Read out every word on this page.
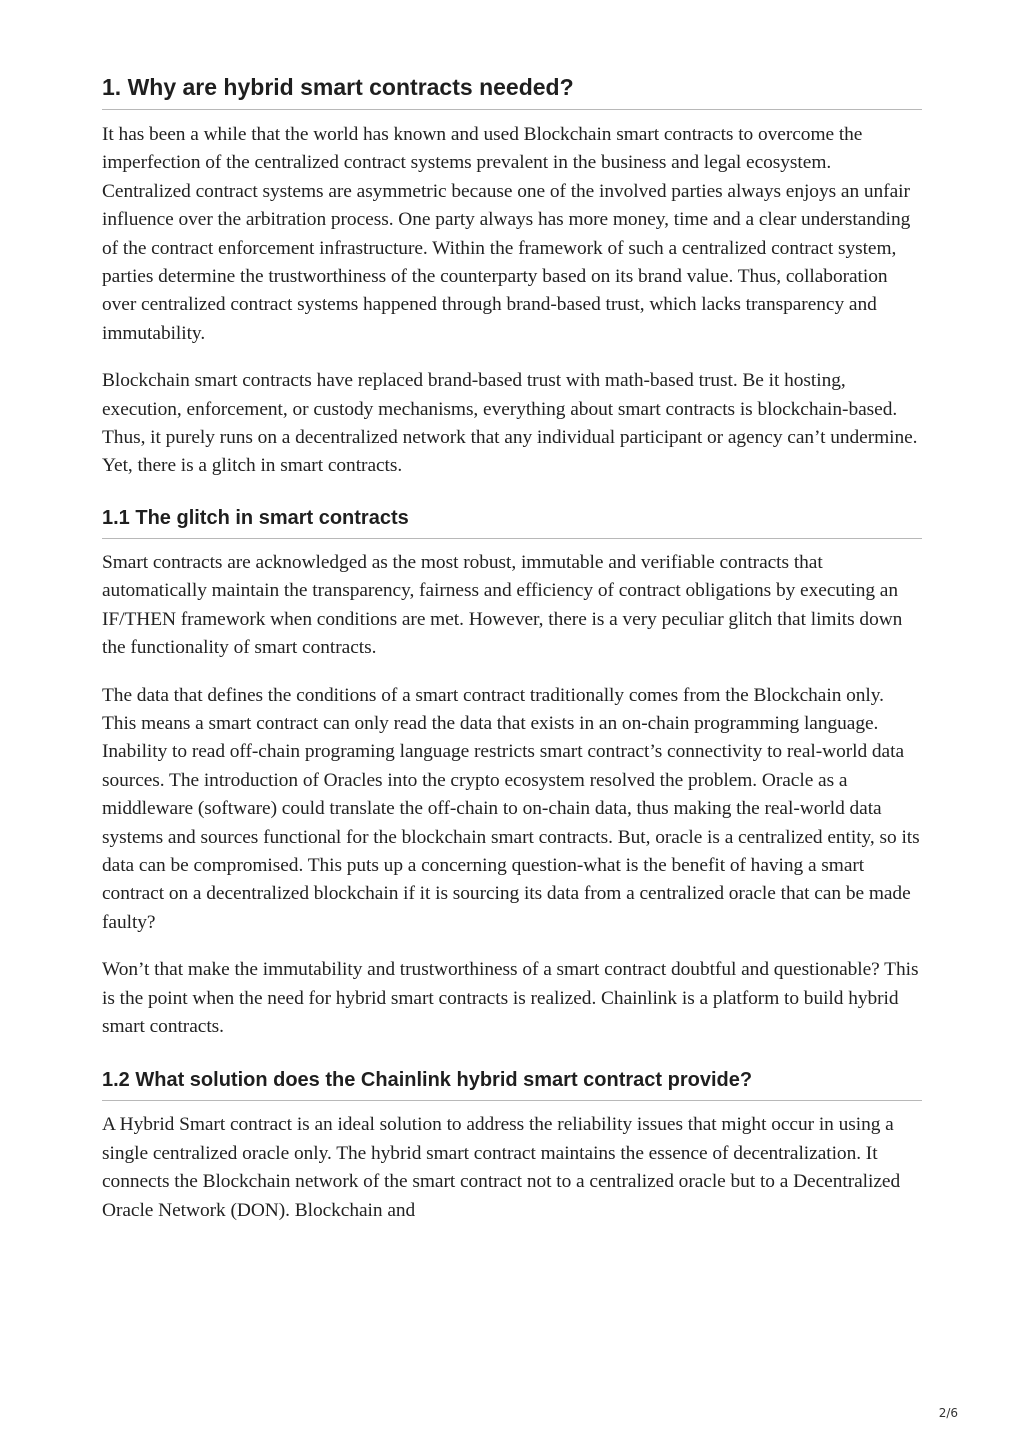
1. Why are hybrid smart contracts needed?

It has been a while that the world has known and used Blockchain smart contracts to overcome the imperfection of the centralized contract systems prevalent in the business and legal ecosystem. Centralized contract systems are asymmetric because one of the involved parties always enjoys an unfair influence over the arbitration process. One party always has more money, time and a clear understanding of the contract enforcement infrastructure. Within the framework of such a centralized contract system, parties determine the trustworthiness of the counterparty based on its brand value. Thus, collaboration over centralized contract systems happened through brand-based trust, which lacks transparency and immutability.

Blockchain smart contracts have replaced brand-based trust with math-based trust. Be it hosting, execution, enforcement, or custody mechanisms, everything about smart contracts is blockchain-based. Thus, it purely runs on a decentralized network that any individual participant or agency can’t undermine. Yet, there is a glitch in smart contracts.

1.1 The glitch in smart contracts

Smart contracts are acknowledged as the most robust, immutable and verifiable contracts that automatically maintain the transparency, fairness and efficiency of contract obligations by executing an IF/THEN framework when conditions are met. However, there is a very peculiar glitch that limits down the functionality of smart contracts.

The data that defines the conditions of a smart contract traditionally comes from the Blockchain only. This means a smart contract can only read the data that exists in an on-chain programming language. Inability to read off-chain programing language restricts smart contract’s connectivity to real-world data sources. The introduction of Oracles into the crypto ecosystem resolved the problem. Oracle as a middleware (software) could translate the off-chain to on-chain data, thus making the real-world data systems and sources functional for the blockchain smart contracts. But, oracle is a centralized entity, so its data can be compromised. This puts up a concerning question-what is the benefit of having a smart contract on a decentralized blockchain if it is sourcing its data from a centralized oracle that can be made faulty?

Won’t that make the immutability and trustworthiness of a smart contract doubtful and questionable? This is the point when the need for hybrid smart contracts is realized. Chainlink is a platform to build hybrid smart contracts.

1.2 What solution does the Chainlink hybrid smart contract provide?

A Hybrid Smart contract is an ideal solution to address the reliability issues that might occur in using a single centralized oracle only. The hybrid smart contract maintains the essence of decentralization. It connects the Blockchain network of the smart contract not to a centralized oracle but to a Decentralized Oracle Network (DON). Blockchain and

2/6
